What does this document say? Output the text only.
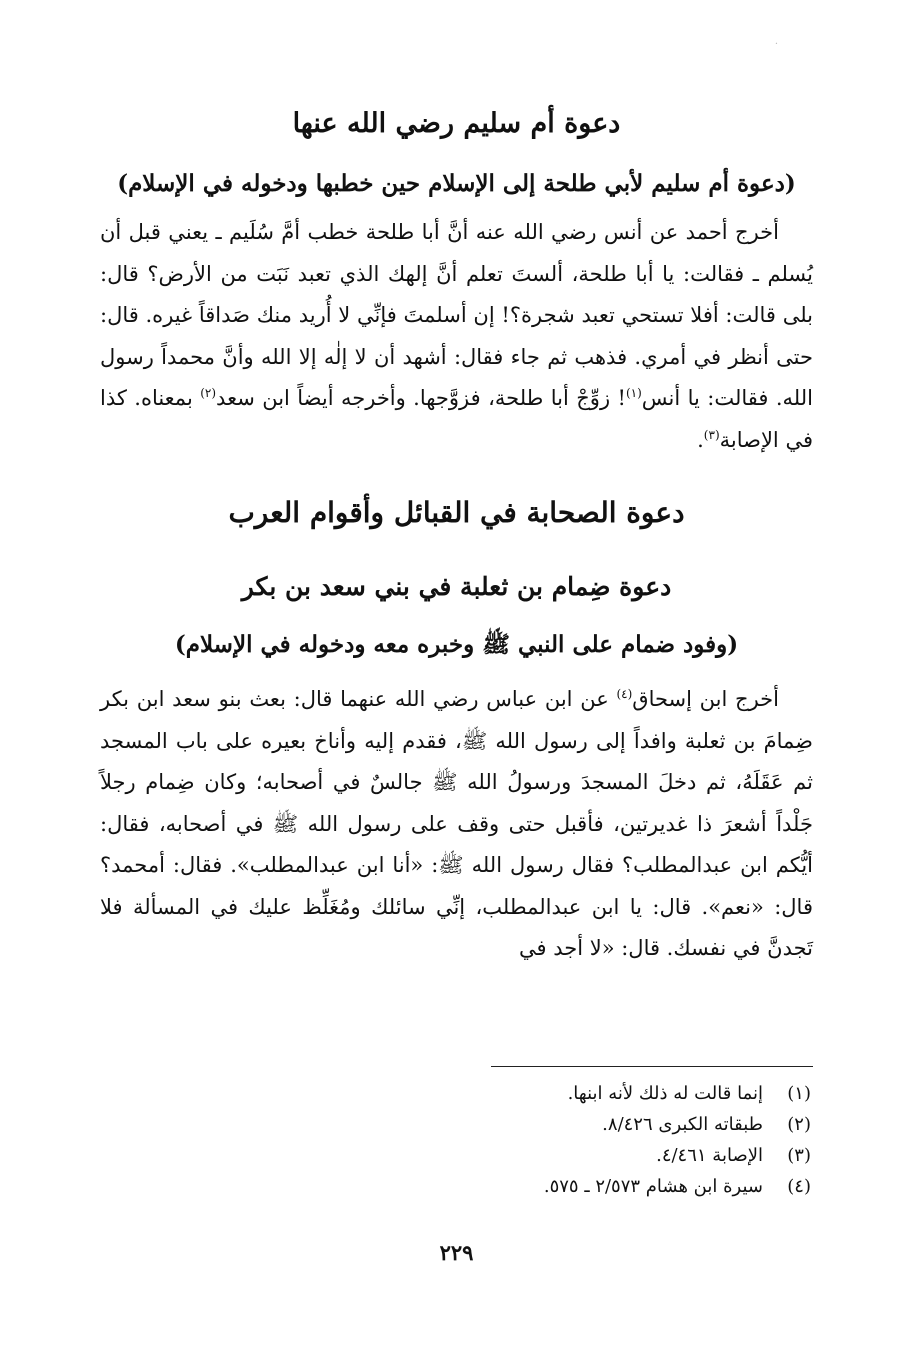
·
دعوة أم سليم رضي الله عنها
(دعوة أم سليم لأبي طلحة إلى الإسلام حين خطبها ودخوله في الإسلام)

أخرج أحمد عن أنس رضي الله عنه أنَّ أبا طلحة خطب أمَّ سُلَيم ـ يعني قبل أن يُسلم ـ فقالت: يا أبا طلحة، ألستَ تعلم أنَّ إلهك الذي تعبد نَبَت من الأرض؟ قال: بلى قالت: أفلا تستحي تعبد شجرة؟! إن أسلمتَ فإنِّي لا أُريد منك صَداقاً غيره. قال: حتى أنظر في أمري. فذهب ثم جاء فقال: أشهد أن لا إلٰه إلا الله وأنَّ محمداً رسول الله. فقالت: يا أنس$^{(١)}$! زوِّجْ أبا طلحة، فزوَّجها. وأخرجه أيضاً ابن سعد$^{(٢)}$ بمعناه. كذا في الإصابة$^{(٣)}$.

دعوة الصحابة في القبائل وأقوام العرب
دعوة ضِمام بن ثعلبة في بني سعد بن بكر
(وفود ضمام على النبي ﷺ وخبره معه ودخوله في الإسلام)

أخرج ابن إسحاق$^{(٤)}$ عن ابن عباس رضي الله عنهما قال: بعث بنو سعد ابن بكر ضِمامَ بن ثعلبة وافداً إلى رسول الله ﷺ، فقدم إليه وأناخ بعيره على باب المسجد ثم عَقَلَهُ، ثم دخلَ المسجدَ ورسولُ الله ﷺ جالسٌ في أصحابه؛ وكان ضِمام رجلاً جَلْداً أشعرَ ذا غديرتين، فأقبل حتى وقف على رسول الله ﷺ في أصحابه، فقال: أيُّكم ابن عبدالمطلب؟ فقال رسول الله ﷺ: «أنا ابن عبدالمطلب». فقال: أمحمد؟ قال: «نعم». قال: يا ابن عبدالمطلب، إنِّي سائلك ومُغَلِّظ عليك في المسألة فلا تَجدنَّ في نفسك. قال: «لا أجد في

(١)
إنما قالت له ذلك لأنه ابنها.
(٢)
طبقاته الكبرى ٨/٤٢٦.
(٣)
الإصابة ٤/٤٦١.
(٤)
سيرة ابن هشام ٢/٥٧٣ ـ ٥٧٥.
٢٢٩
